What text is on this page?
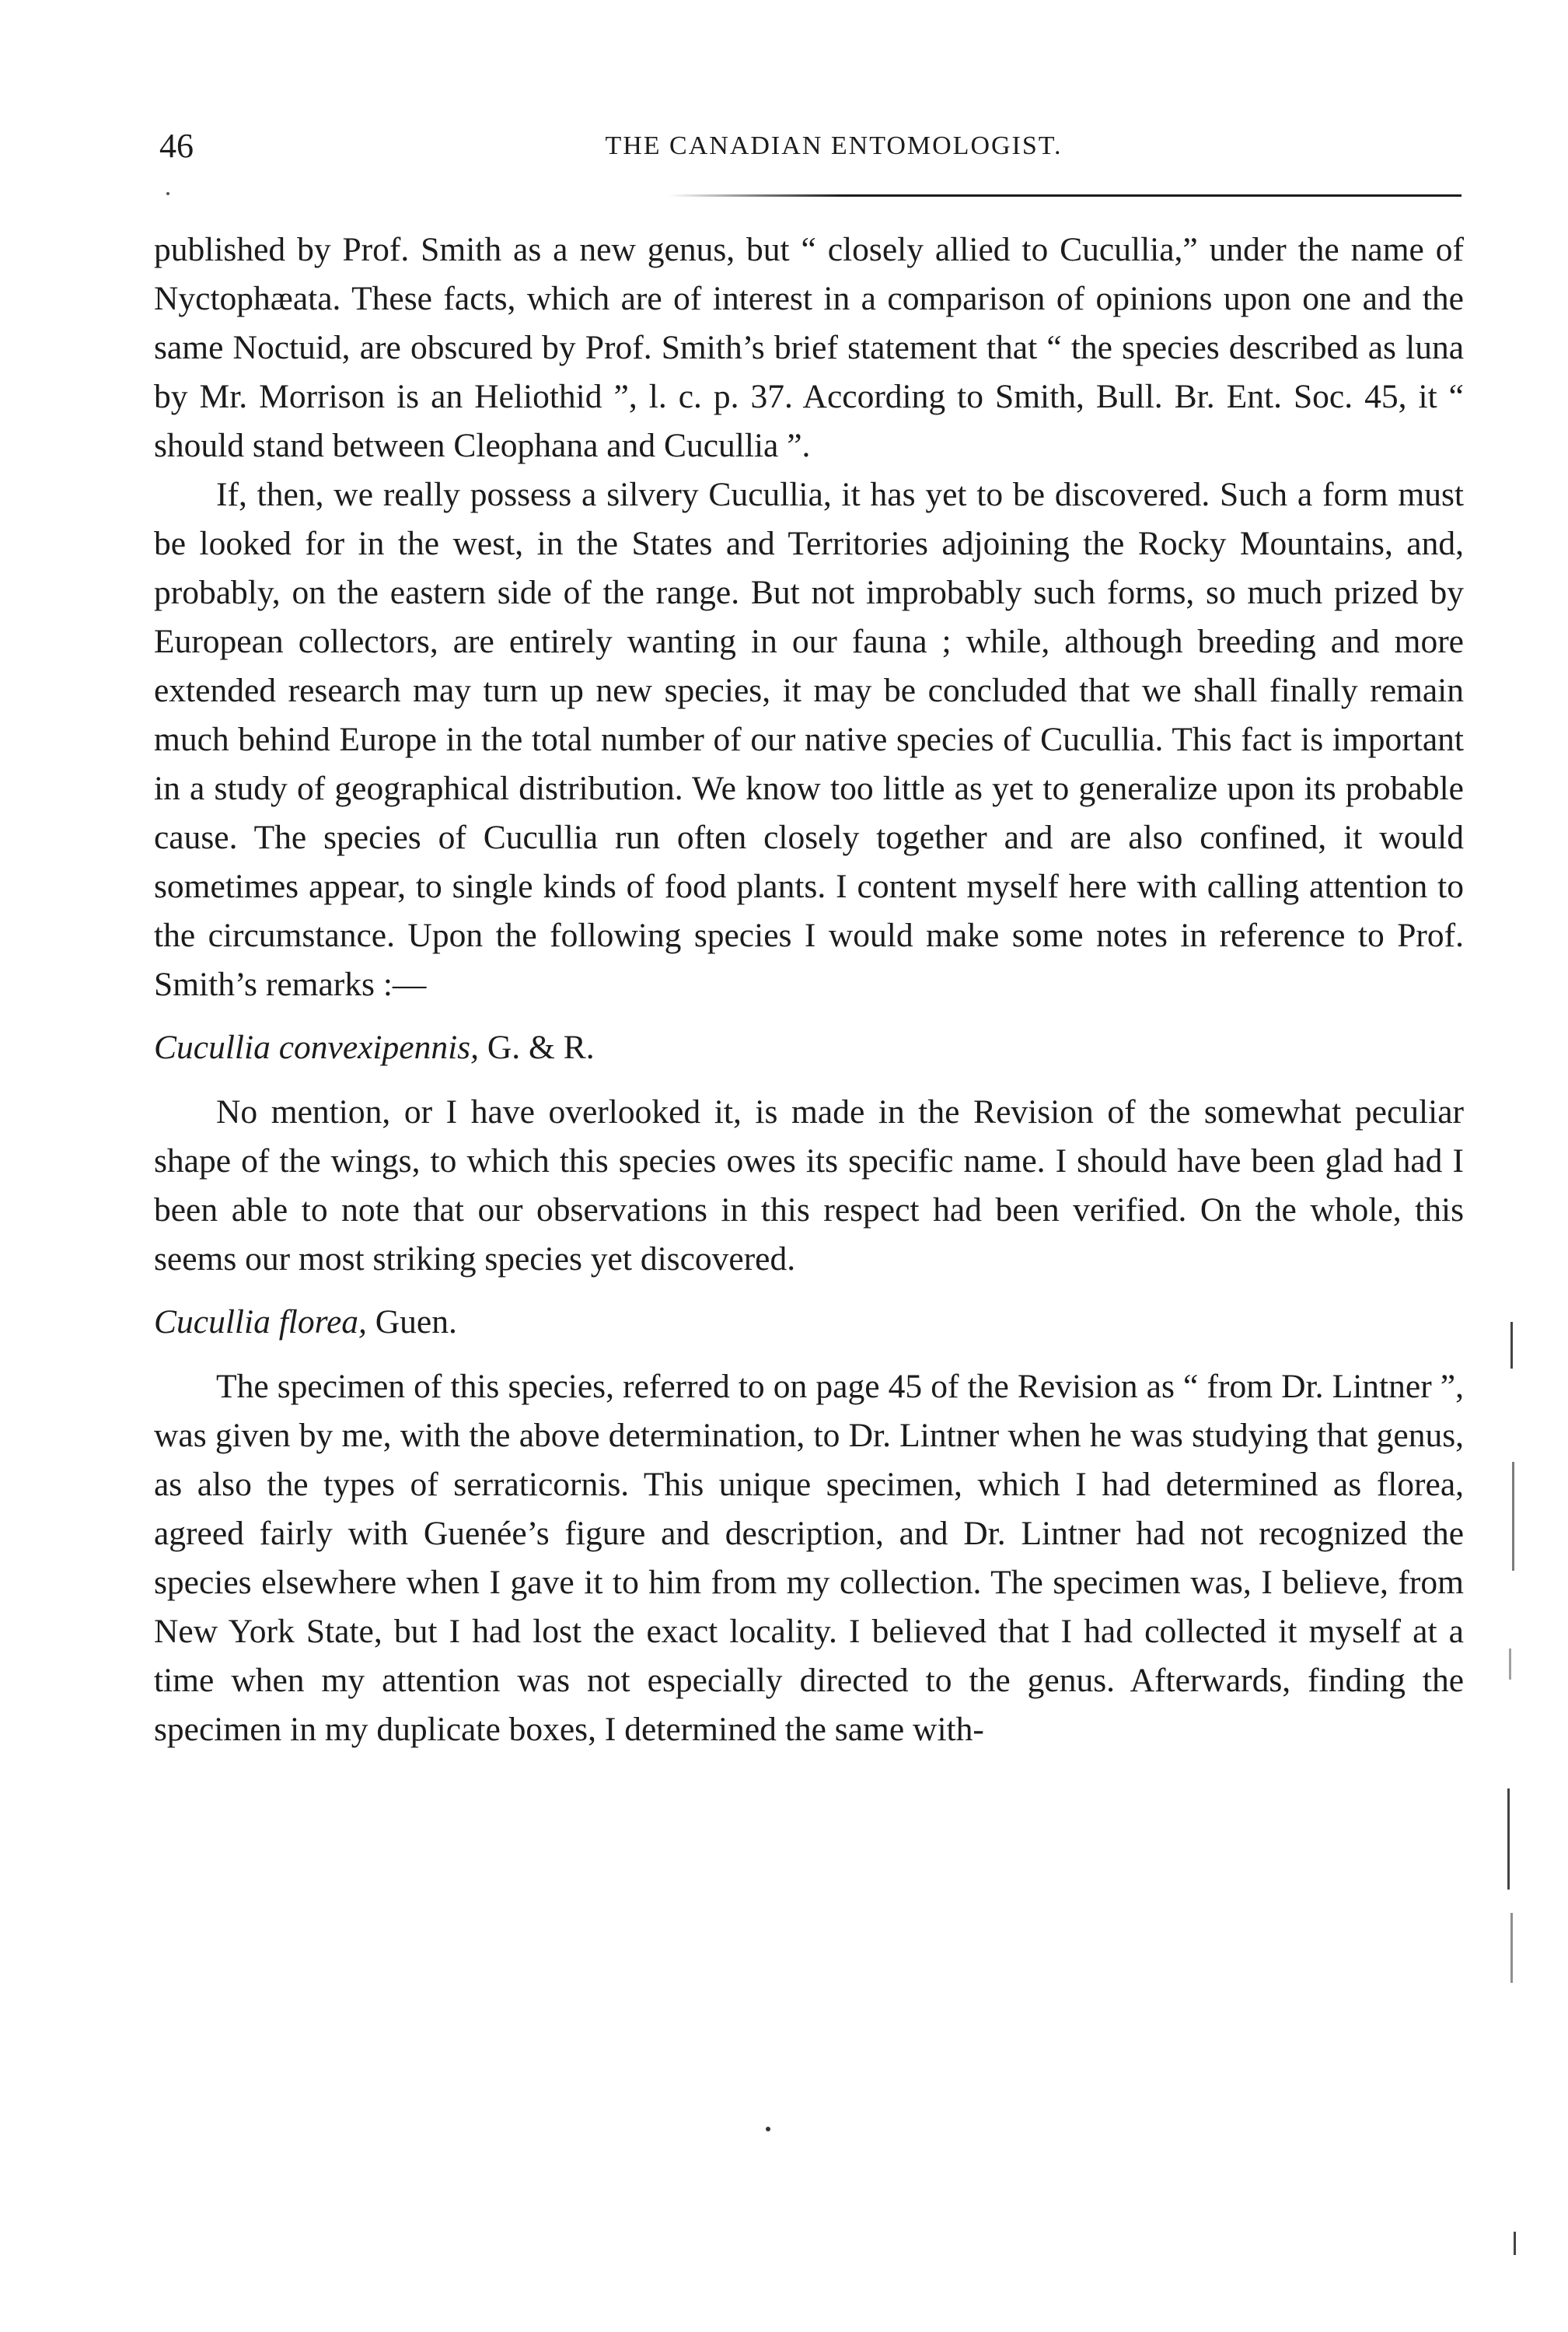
46	THE CANADIAN ENTOMOLOGIST.

published by Prof. Smith as a new genus, but “ closely allied to Cucullia,” under the name of Nyctophæata. These facts, which are of interest in a comparison of opinions upon one and the same Noctuid, are obscured by Prof. Smith’s brief statement that “ the species described as luna by Mr. Morrison is an Heliothid ”, l. c. p. 37. According to Smith, Bull. Br. Ent. Soc. 45, it “ should stand between Cleophana and Cucullia ”.

If, then, we really possess a silvery Cucullia, it has yet to be discovered. Such a form must be looked for in the west, in the States and Territories adjoining the Rocky Mountains, and, probably, on the eastern side of the range. But not improbably such forms, so much prized by European collectors, are entirely wanting in our fauna ; while, although breeding and more extended research may turn up new species, it may be concluded that we shall finally remain much behind Europe in the total number of our native species of Cucullia. This fact is important in a study of geographical distribution. We know too little as yet to generalize upon its probable cause. The species of Cucullia run often closely together and are also confined, it would sometimes appear, to single kinds of food plants. I content myself here with calling attention to the circumstance. Upon the following species I would make some notes in reference to Prof. Smith’s remarks :—

Cucullia convexipennis, G. & R.

No mention, or I have overlooked it, is made in the Revision of the somewhat peculiar shape of the wings, to which this species owes its specific name. I should have been glad had I been able to note that our observations in this respect had been verified. On the whole, this seems our most striking species yet discovered.

Cucullia florea, Guen.

The specimen of this species, referred to on page 45 of the Revision as “ from Dr. Lintner ”, was given by me, with the above determination, to Dr. Lintner when he was studying that genus, as also the types of serraticornis. This unique specimen, which I had determined as florea, agreed fairly with Guenée’s figure and description, and Dr. Lintner had not recognized the species elsewhere when I gave it to him from my collection. The specimen was, I believe, from New York State, but I had lost the exact locality. I believed that I had collected it myself at a time when my attention was not especially directed to the genus. Afterwards, finding the specimen in my duplicate boxes, I determined the same with-
